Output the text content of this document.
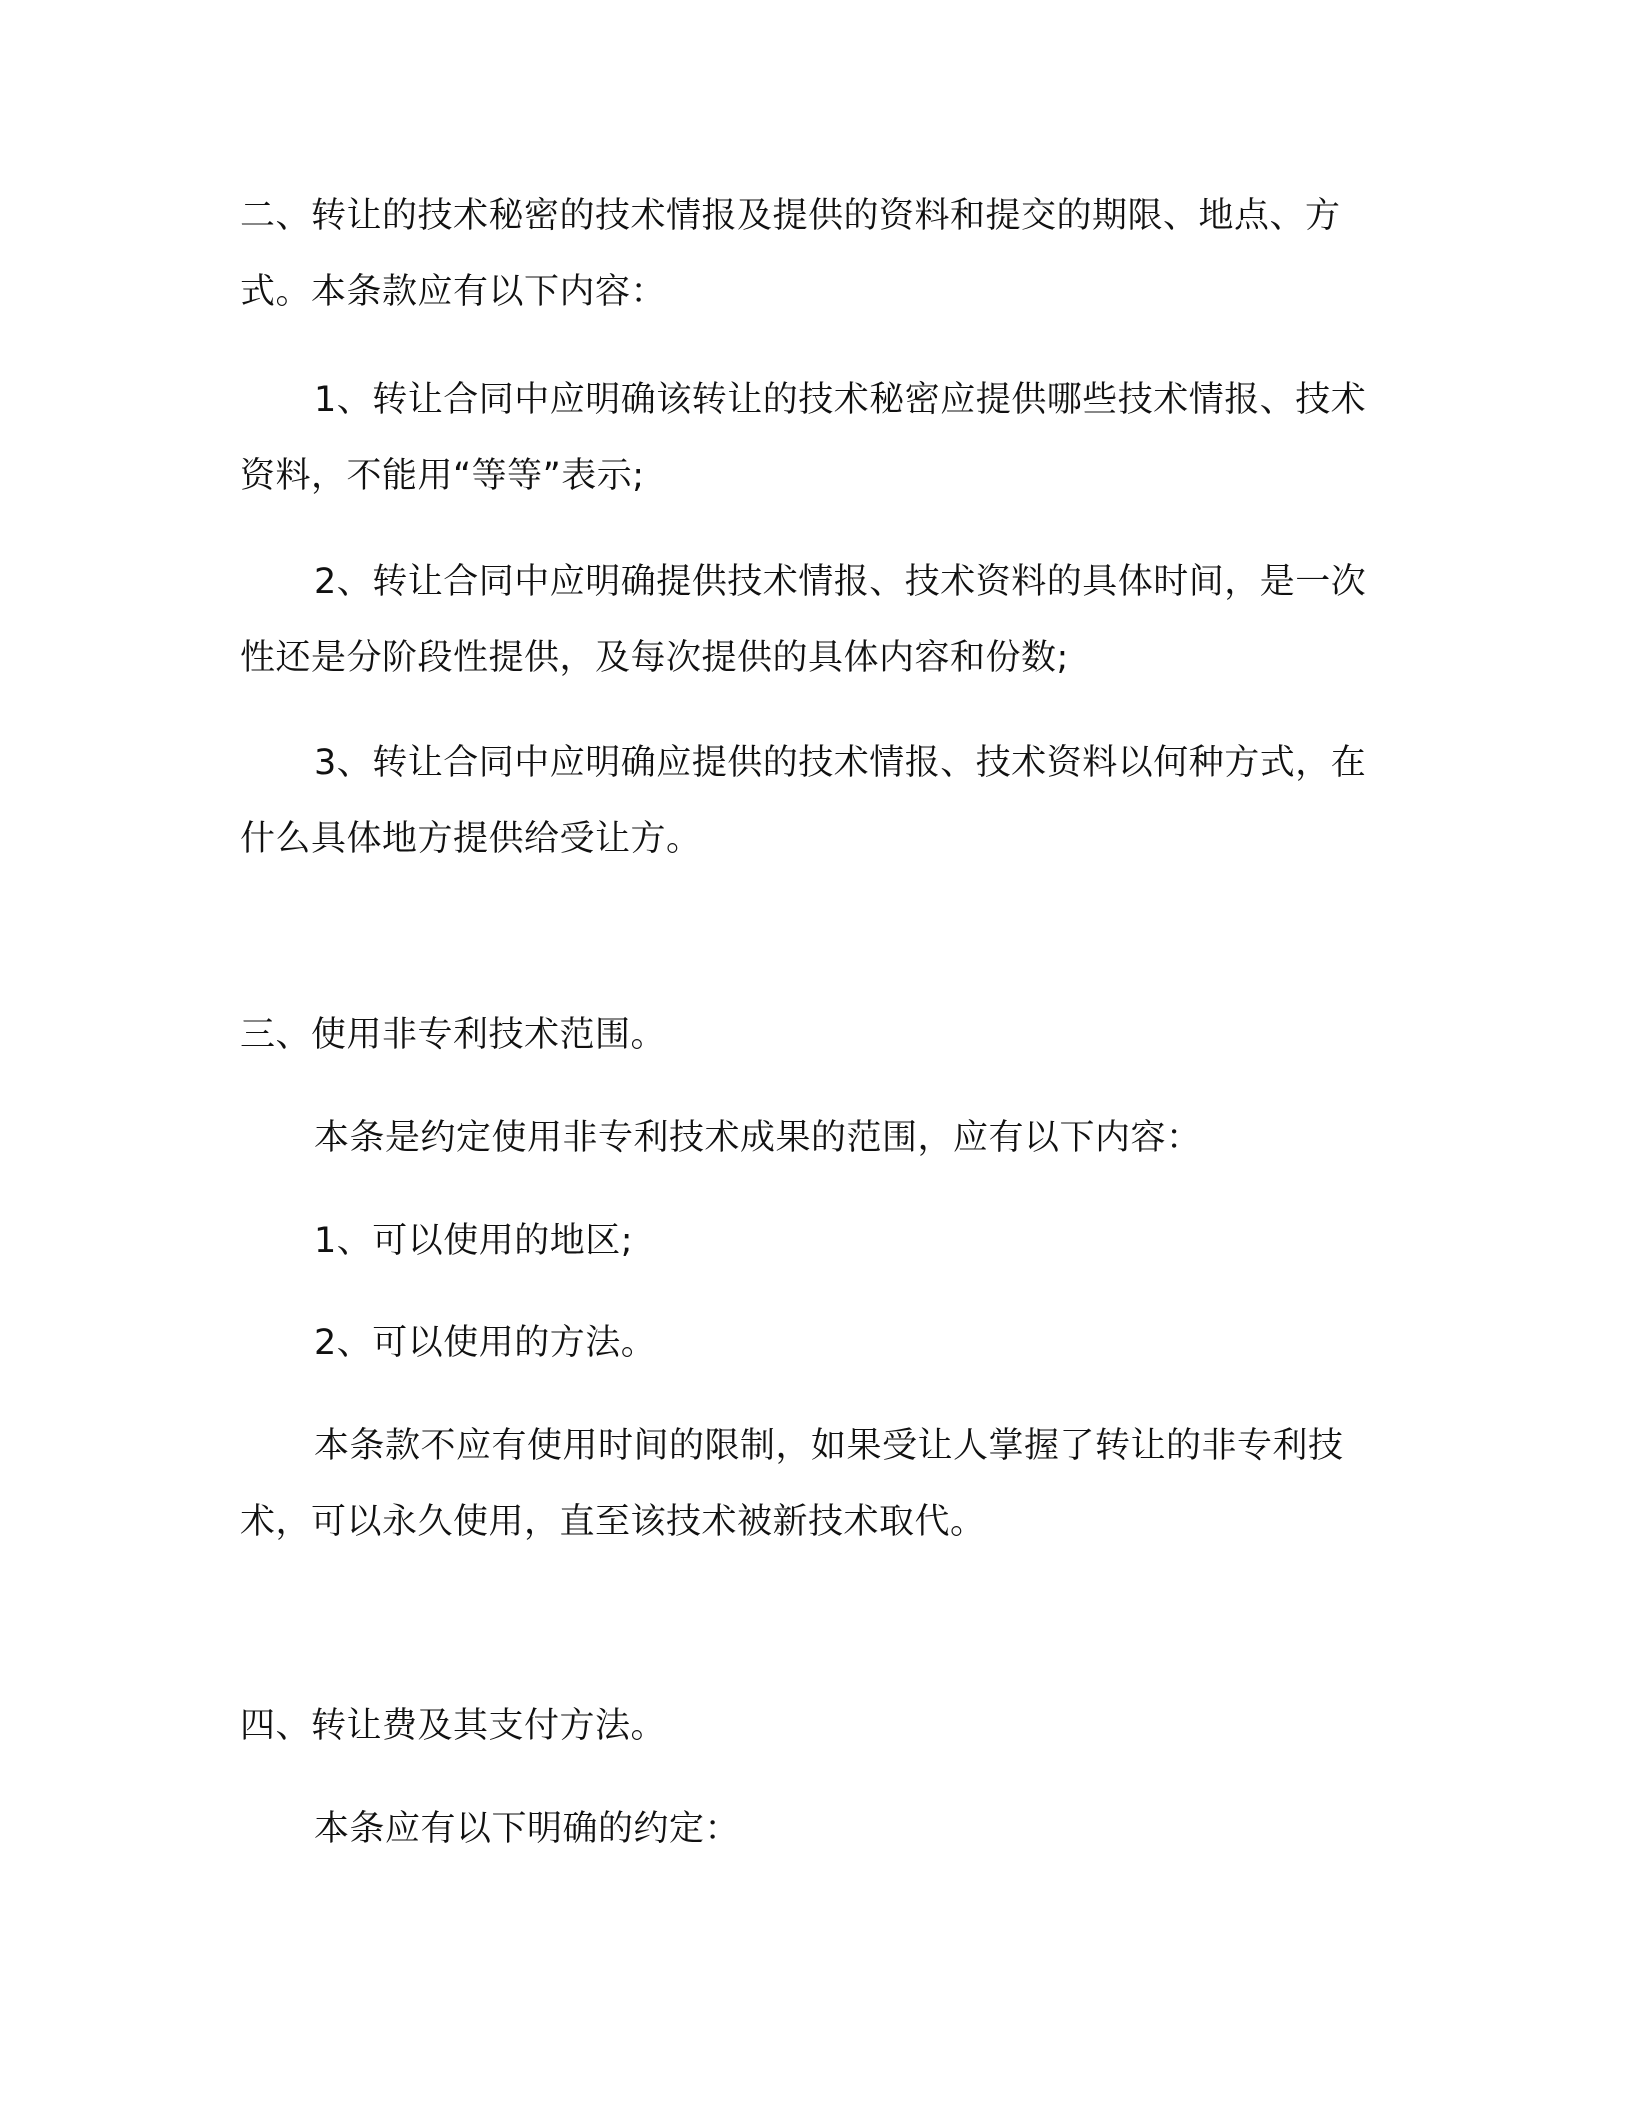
二、转让的技术秘密的技术情报及提供的资料和提交的期限、地点、方式。本条款应有以下内容：

1、转让合同中应明确该转让的技术秘密应提供哪些技术情报、技术资料，不能用“等等”表示;

2、转让合同中应明确提供技术情报、技术资料的具体时间，是一次性还是分阶段性提供，及每次提供的具体内容和份数;

3、转让合同中应明确应提供的技术情报、技术资料以何种方式，在什么具体地方提供给受让方。

三、使用非专利技术范围。

本条是约定使用非专利技术成果的范围，应有以下内容：

1、可以使用的地区;

2、可以使用的方法。

本条款不应有使用时间的限制，如果受让人掌握了转让的非专利技术，可以永久使用，直至该技术被新技术取代。

四、转让费及其支付方法。

本条应有以下明确的约定：
